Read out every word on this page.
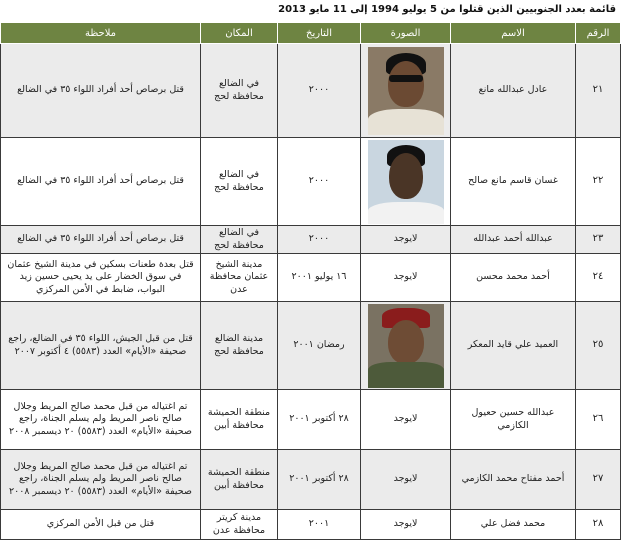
قائمة بعدد الجنوبيين الذين قتلوا من 5 يوليو 1994 إلى 11 مايو 2013
الرقم	الاسم	الصورة	التاريخ	المكان	ملاحظة
٢١	عادل عبدالله مانع		٢٠٠٠	في الضالع محافظة لحج	قتل برصاص أحد أفراد اللواء ٣٥ في الضالع
٢٢	غسان قاسم مانع صالح		٢٠٠٠	في الضالع محافظة لحج	قتل برصاص أحد أفراد اللواء ٣٥ في الضالع
٢٣	عبدالله أحمد عبدالله	لايوجد	٢٠٠٠	في الضالع محافظة لحج	قتل برصاص أحد أفراد اللواء ٣٥ في الضالع
٢٤	أحمد محمد محسن	لايوجد	١٦ يوليو ٢٠٠١	مدينة الشيخ عثمان محافظة عدن	قتل بعدة طعنات بسكين في مدينة الشيخ عثمان في سوق الخضار على يد يحيى حسين زيد البواب، ضابط في الأمن المركزي
٢٥	العميد علي قايد المعكر		رمضان ٢٠٠١	مدينة الضالع محافظة لحج	قتل من قبل الجيش، اللواء ٣٥ في الضالع، راجع صحيفة «الأيام» العدد (٥٥٨٣) ٤ أكتوبر ٢٠٠٧
٢٦	عبدالله حسين حعيول الكازمي	لايوجد	٢٨ أكتوبر ٢٠٠١	منطقة الحميشة محافظة أبين	تم اغتياله من قبل محمد صالح المريط وجلال صالح ناصر المريط ولم يسلم الجناة، راجع صحيفة «الأيام» العدد (٥٥٨٣) ٢٠ ديسمبر ٢٠٠٨
٢٧	أحمد مفتاح محمد الكازمي	لايوجد	٢٨ أكتوبر ٢٠٠١	منطقة الحميشة محافظة أبين	تم اغتياله من قبل محمد صالح المريط وجلال صالح ناصر المريط ولم يسلم الجناة، راجع صحيفة «الأيام» العدد (٥٥٨٣) ٢٠ ديسمبر ٢٠٠٨
٢٨	محمد فضل علي	لايوجد	٢٠٠١	مدينة كريتر محافظة عدن	قتل من قبل الأمن المركزي
